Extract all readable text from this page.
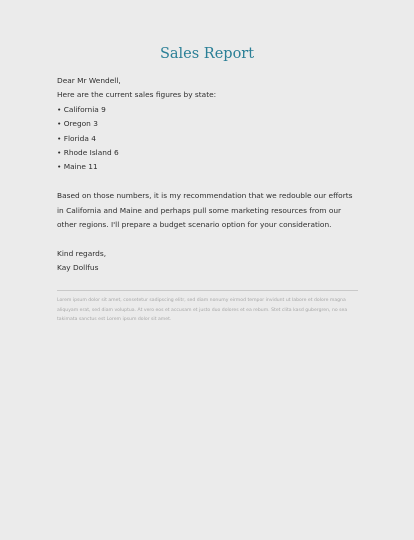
Sales Report

Dear Mr Wendell,

Here are the current sales figures by state:

• California 9
• Oregon 3
• Florida 4
• Rhode Island 6
• Maine 11

Based on those numbers, it is my recommendation that we redouble our efforts in California and Maine and perhaps pull some marketing resources from our other regions. I'll prepare a budget scenario option for your consideration.

Kind regards,

Kay Dollfus

Lorem ipsum dolor sit amet, consetetur sadipscing elitr, sed diam nonumy eirmod tempor invidunt ut labore et dolore magna aliquyam erat, sed diam voluptua. At vero eos et accusam et justo duo dolores et ea rebum. Stet clita kasd gubergren, no sea takimata sanctus est Lorem ipsum dolor sit amet.
